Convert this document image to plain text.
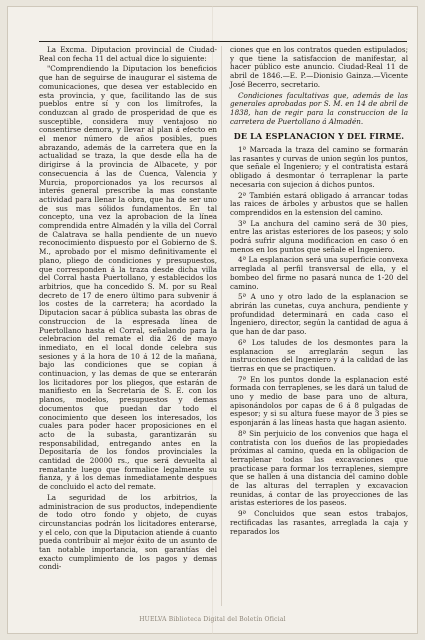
La Excma. Diputacion provincial de Ciudad-Real con fecha 11 del actual dice lo siguiente:

"Comprendiendo la Diputacion los beneficios que han de seguirse de inaugurar el sistema de comunicaciones, que desea ver establecido en esta provincia, y que, facilitando las de sus pueblos entre sí y con los limítrofes, la conduzcan al grado de prosperidad de que es susceptible, considera muy ventajoso no consentirse demora, y llevar al plan á efecto en el menor número de años posibles, pues abrazando, además de la carretera que en la actualidad se traza, la que desde ella ha de dirigirse á la provincia de Albacete, y por consecuencia á las de Cuenca, Valencia y Murcia, proporcionados ya los recursos al interés general prescribe la mas constante actividad para llenar la obra, que ha de ser uno de sus mas sólidos fundamentos. En tal concepto, una vez la aprobacion de la línea comprendida entre Almadén y la villa del Corral de Calatrava se halla pendiente de un nuevo reconocimiento dispuesto por el Gobierno de S. M., aprobado por el mismo definitivamente el plano, pliego de condiciones y presupuestos, que corresponden á la traza desde dicha villa del Corral hasta Puertollano, y establecidos los arbitrios, que ha concedido S. M. por su Real decreto de 17 de enero último para subvenir á los costes de la carretera; ha acordado la Diputacion sacar á pública subasta las obras de construccion de la espresada línea de Puertollano hasta el Corral, señalando para la celebracion del remate el dia 26 de mayo inmediato, en el local donde celebra sus sesiones y á la hora de 10 á 12 de la mañana, bajo las condiciones que se copian á continuacion, y las demas de que se enterarán los licitadores por los pliegos, que estarán de manifiesto en la Secretaría de S. E. con los planos, modelos, presupuestos y demas documentos que puedan dar todo el conocimiento que deseen los interesados, los cuales para poder hacer proposiciones en el acto de la subasta, garantizarán su responsabilidad, entregando antes en la Depositaría de los fondos provinciales la cantidad de 20000 rs., que será devuelta al rematante luego que formalice legalmente su fianza, y á los demas inmediatamente despues de concluido el acto del remate.

La seguridad de los arbitrios, la administracion de sus productos, independiente de todo otro fondo y objeto, de cuyas circunstancias podrán los licitadores enterarse, y el celo, con que la Diputacion atiende á cuanto pueda contribuir al mejor éxito de un asunto de tan notable importancia, son garantías del exacto cumplimiento de los pagos y demas condi-

ciones que en los contratos queden estipulados; y que tiene la satisfaccion de manifestar, al hacer público este anuncio. Ciudad-Real 11 de abril de 1846.—E. P.—Dionisio Gainza.—Vicente José Becerro, secretario.

Condiciones facultativas que, además de las generales aprobadas por S. M. en 14 de abril de 1838, han de regir para la construccion de la carretera de Puertollano á Almadén.

DE LA ESPLANACION Y DEL FIRME.

1ª Marcada la traza del camino se formarán las rasantes y curvas de union según los puntos, que señale el Ingeniero; y el contratista estará obligado á desmontar ó terraplenar la parte necesaria con sujecion á dichos puntos.

2ª También estará obligado á arrancar todas las raices de árboles y arbustos que se hallen comprendidos en la estension del camino.

3ª La anchura del camino será de 30 pies, entre las aristas esteriores de los paseos; y solo podrá sufrir alguna modificacion en caso ó en menos en los puntos que señale el Ingeniero.

4ª La esplanacion será una superficie convexa arreglada al perfil transversal de ella, y el bombeo del firme no pasará nunca de 1-20 del camino.

5ª A uno y otro lado de la esplanacion se abrirán las cunetas, cuya anchura, pendiente y profundidad determinará en cada caso el Ingeniero, director, según la cantidad de agua á que han de dar paso.

6ª Los taludes de los desmontes para la esplanacion se arreglarán segun las instrucciones del Ingeniero y á la calidad de las tierras en que se practiquen.

7ª En los puntos donde la esplanacion esté formada con terraplenes, se les dará un talud de uno y medio de base para uno de altura, apisonándolos por capas de 6 á 8 pulgadas de espesor; y si su altura fuese mayor de 3 pies se esponjarán á las líneas hasta que hagan asiento.

8ª Sin perjuicio de los convenios que haga el contratista con los dueños de las propiedades próximas al camino, queda en la obligacion de terraplenar todas las excavaciones que practicase para formar los terraplenes, siempre que se hallen á una distancia del camino doble de las alturas del terraplen y excavacion reunidas, á contar de las proyecciones de las aristas esteriores de los paseos.

9ª Concluidos que sean estos trabajos, rectificadas las rasantes, arreglada la caja y reparados los

HUELVA Biblioteca Digital del Boletín Oficial
